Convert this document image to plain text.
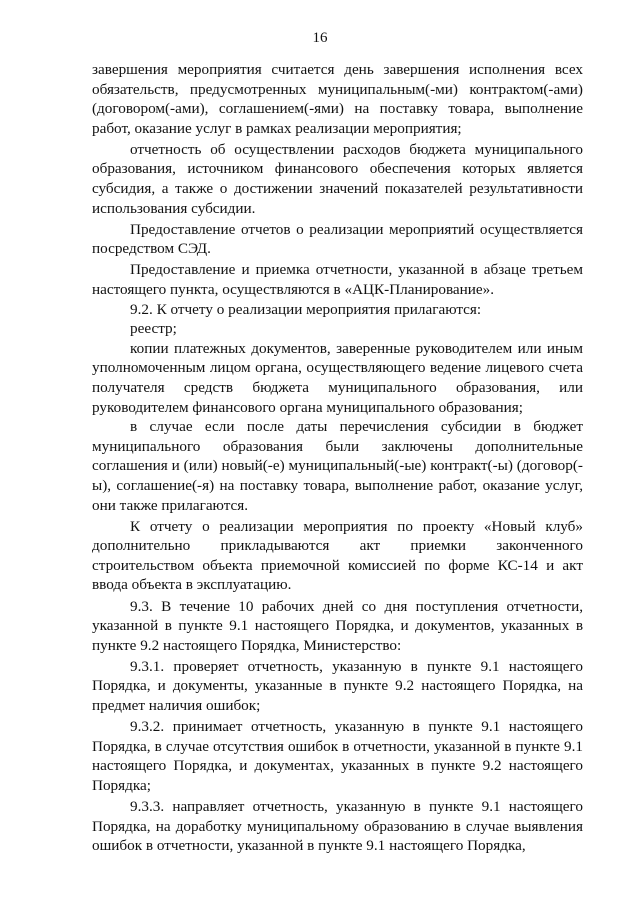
16

завершения мероприятия считается день завершения исполнения всех обязательств, предусмотренных муниципальным(-ми) контрактом(-ами) (договором(-ами), соглашением(-ями) на поставку товара, выполнение работ, оказание услуг в рамках реализации мероприятия;

отчетность об осуществлении расходов бюджета муниципального образования, источником финансового обеспечения которых является субсидия, а также о достижении значений показателей результативности использования субсидии.

Предоставление отчетов о реализации мероприятий осуществляется посредством СЭД.

Предоставление и приемка отчетности, указанной в абзаце третьем настоящего пункта, осуществляются в «АЦК-Планирование».

9.2. К отчету о реализации мероприятия прилагаются:

реестр;

копии платежных документов, заверенные руководителем или иным уполномоченным лицом органа, осуществляющего ведение лицевого счета получателя средств бюджета муниципального образования, или руководителем финансового органа муниципального образования;

в случае если после даты перечисления субсидии в бюджет муниципального образования были заключены дополнительные соглашения и (или) новый(-е) муниципальный(-ые) контракт(-ы) (договор(-ы), соглашение(-я) на поставку товара, выполнение работ, оказание услуг, они также прилагаются.

К отчету о реализации мероприятия по проекту «Новый клуб» дополнительно прикладываются акт приемки законченного строительством объекта приемочной комиссией по форме КС-14 и акт ввода объекта в эксплуатацию.

9.3. В течение 10 рабочих дней со дня поступления отчетности, указанной в пункте 9.1 настоящего Порядка, и документов, указанных в пункте 9.2 настоящего Порядка, Министерство:

9.3.1. проверяет отчетность, указанную в пункте 9.1 настоящего Порядка, и документы, указанные в пункте 9.2 настоящего Порядка, на предмет наличия ошибок;

9.3.2. принимает отчетность, указанную в пункте 9.1 настоящего Порядка, в случае отсутствия ошибок в отчетности, указанной в пункте 9.1 настоящего Порядка, и документах, указанных в пункте 9.2 настоящего Порядка;

9.3.3. направляет отчетность, указанную в пункте 9.1 настоящего Порядка, на доработку муниципальному образованию в случае выявления ошибок в отчетности, указанной в пункте 9.1 настоящего Порядка,
